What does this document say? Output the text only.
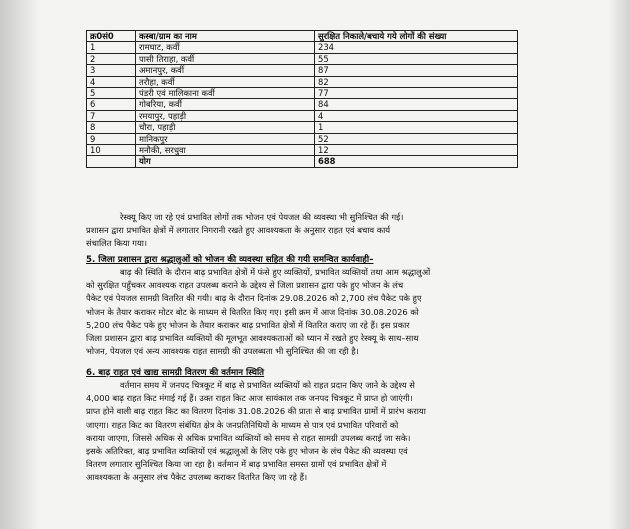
क्र0सं0	कस्बा/ग्राम का नाम	सुरक्षित निकाले/बचाये गये लोगों की संख्या
1	रामघाट, कर्वी	234
2	पासी तिराहा, कर्वी	55
3	अमानपुर, कर्वी	87
4	तरौहा, कर्वी	82
5	पंडरी एवं मालिकाना कर्वी	77
6	गोबरिया, कर्वी	84
7	रमयापुर, पहाड़ी	4
8	चौरा, पहाड़ी	1
9	मानिकपुर	52
10	मनौकी, सरधुवा	12
	योग	688
रेस्क्यू किए जा रहे एवं प्रभावित लोगों तक भोजन एवं पेयजल की व्यवस्था भी सुनिश्चित की गई।
प्रशासन द्वारा प्रभावित क्षेत्रों में लगातार निगरानी रखते हुए आवश्यकता के अनुसार राहत एवं बचाव कार्य
संचालित किया गया।
5. जिला प्रशासन द्वारा श्रद्धालुओं को भोजन की व्यवस्था सहित की गयी समन्वित कार्यवाही–
बाढ़ की स्थिति के दौरान बाढ़ प्रभावित क्षेत्रों में फंसे हुए व्यक्तियों, प्रभावित व्यक्तियों तथा आम श्रद्धालुओं
को सुरक्षित पहुँचकर आवश्यक राहत उपलब्ध कराने के उद्देश्य से जिला प्रशासन द्वारा पके हुए भोजन के लंच
पैकेट एवं पेयजल सामग्री वितरित की गयी। बाढ़ के दौरान दिनांक 29.08.2026 को 2,700 लंच पैकेट पके हुए
भोजन के तैयार कराकर मोटर बोट के माध्यम से वितरित किए गए। इसी क्रम में आज दिनांक 30.08.2026 को
5,200 लंच पैकेट पके हुए भोजन के तैयार कराकर बाढ़ प्रभावित क्षेत्रों में वितरित कराए जा रहे हैं। इस प्रकार
जिला प्रशासन द्वारा बाढ़ प्रभावित व्यक्तियों की मूलभूत आवश्यकताओं को ध्यान में रखते हुए रेस्क्यू के साथ–साथ
भोजन, पेयजल एवं अन्य आवश्यक राहत सामग्री की उपलब्धता भी सुनिश्चित की जा रही है।
6. बाढ़ राहत एवं खाद्य सामग्री वितरण की वर्तमान स्थिति
वर्तमान समय में जनपद चित्रकूट में बाढ़ से प्रभावित व्यक्तियों को राहत प्रदान किए जाने के उद्देश्य से
4,000 बाढ़ राहत किट मंगाई गई हैं। उक्त राहत किट आज सायंकाल तक जनपद चित्रकूट में प्राप्त हो जाएंगी।
प्राप्त होने वाली बाढ़ राहत किट का वितरण दिनांक 31.08.2026 की प्रातः से बाढ़ प्रभावित ग्रामों में प्रारंभ कराया
जाएगा। राहत किट का वितरण संबंधित क्षेत्र के जनप्रतिनिधियों के माध्यम से पात्र एवं प्रभावित परिवारों को
कराया जाएगा, जिससे अधिक से अधिक प्रभावित व्यक्तियों को समय से राहत सामग्री उपलब्ध कराई जा सके।
इसके अतिरिक्त, बाढ़ प्रभावित व्यक्तियों एवं श्रद्धालुओं के लिए पके हुए भोजन के लंच पैकेट की व्यवस्था एवं
वितरण लगातार सुनिश्चित किया जा रहा है। वर्तमान में बाढ़ प्रभावित समस्त ग्रामों एवं प्रभावित क्षेत्रों में
आवश्यकता के अनुसार लंच पैकेट उपलब्ध कराकर वितरित किए जा रहे हैं।
